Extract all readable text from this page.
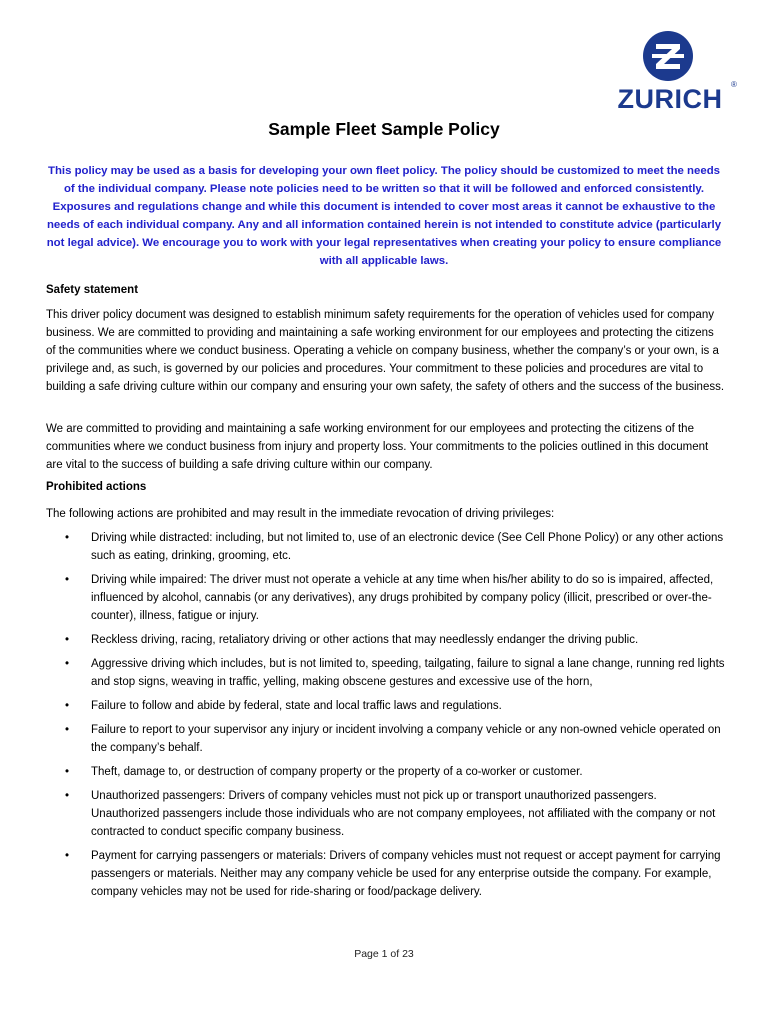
ZURICH	®
Sample Fleet Sample Policy
This policy may be used as a basis for developing your own fleet policy. The policy should be customized to meet the needs of the individual company. Please note policies need to be written so that it will be followed and enforced consistently. Exposures and regulations change and while this document is intended to cover most areas it cannot be exhaustive to the needs of each individual company. Any and all information contained herein is not intended to constitute advice (particularly not legal advice). We encourage you to work with your legal representatives when creating your policy to ensure compliance with all applicable laws.
Safety statement
This driver policy document was designed to establish minimum safety requirements for the operation of vehicles used for company business. We are committed to providing and maintaining a safe working environment for our employees and protecting the citizens of the communities where we conduct business. Operating a vehicle on company business, whether the company’s or your own, is a privilege and, as such, is governed by our policies and procedures. Your commitment to these policies and procedures are vital to building a safe driving culture within our company and ensuring your own safety, the safety of others and the success of the business.
We are committed to providing and maintaining a safe working environment for our employees and protecting the citizens of the communities where we conduct business from injury and property loss. Your commitments to the policies outlined in this document are vital to the success of building a safe driving culture within our company.
Prohibited actions
The following actions are prohibited and may result in the immediate revocation of driving privileges:
• Driving while distracted: including, but not limited to, use of an electronic device (See Cell Phone Policy) or any other actions such as eating, drinking, grooming, etc.
• Driving while impaired: The driver must not operate a vehicle at any time when his/her ability to do so is impaired, affected, influenced by alcohol, cannabis (or any derivatives), any drugs prohibited by company policy (illicit, prescribed or over-the-counter), illness, fatigue or injury.
• Reckless driving, racing, retaliatory driving or other actions that may needlessly endanger the driving public.
• Aggressive driving which includes, but is not limited to, speeding, tailgating, failure to signal a lane change, running red lights and stop signs, weaving in traffic, yelling, making obscene gestures and excessive use of the horn,
• Failure to follow and abide by federal, state and local traffic laws and regulations.
• Failure to report to your supervisor any injury or incident involving a company vehicle or any non-owned vehicle operated on the company’s behalf.
• Theft, damage to, or destruction of company property or the property of a co-worker or customer.
• Unauthorized passengers: Drivers of company vehicles must not pick up or transport unauthorized passengers. Unauthorized passengers include those individuals who are not company employees, not affiliated with the company or not contracted to conduct specific company business.
• Payment for carrying passengers or materials: Drivers of company vehicles must not request or accept payment for carrying passengers or materials. Neither may any company vehicle be used for any enterprise outside the company. For example, company vehicles may not be used for ride-sharing or food/package delivery.
Page 1 of 23
